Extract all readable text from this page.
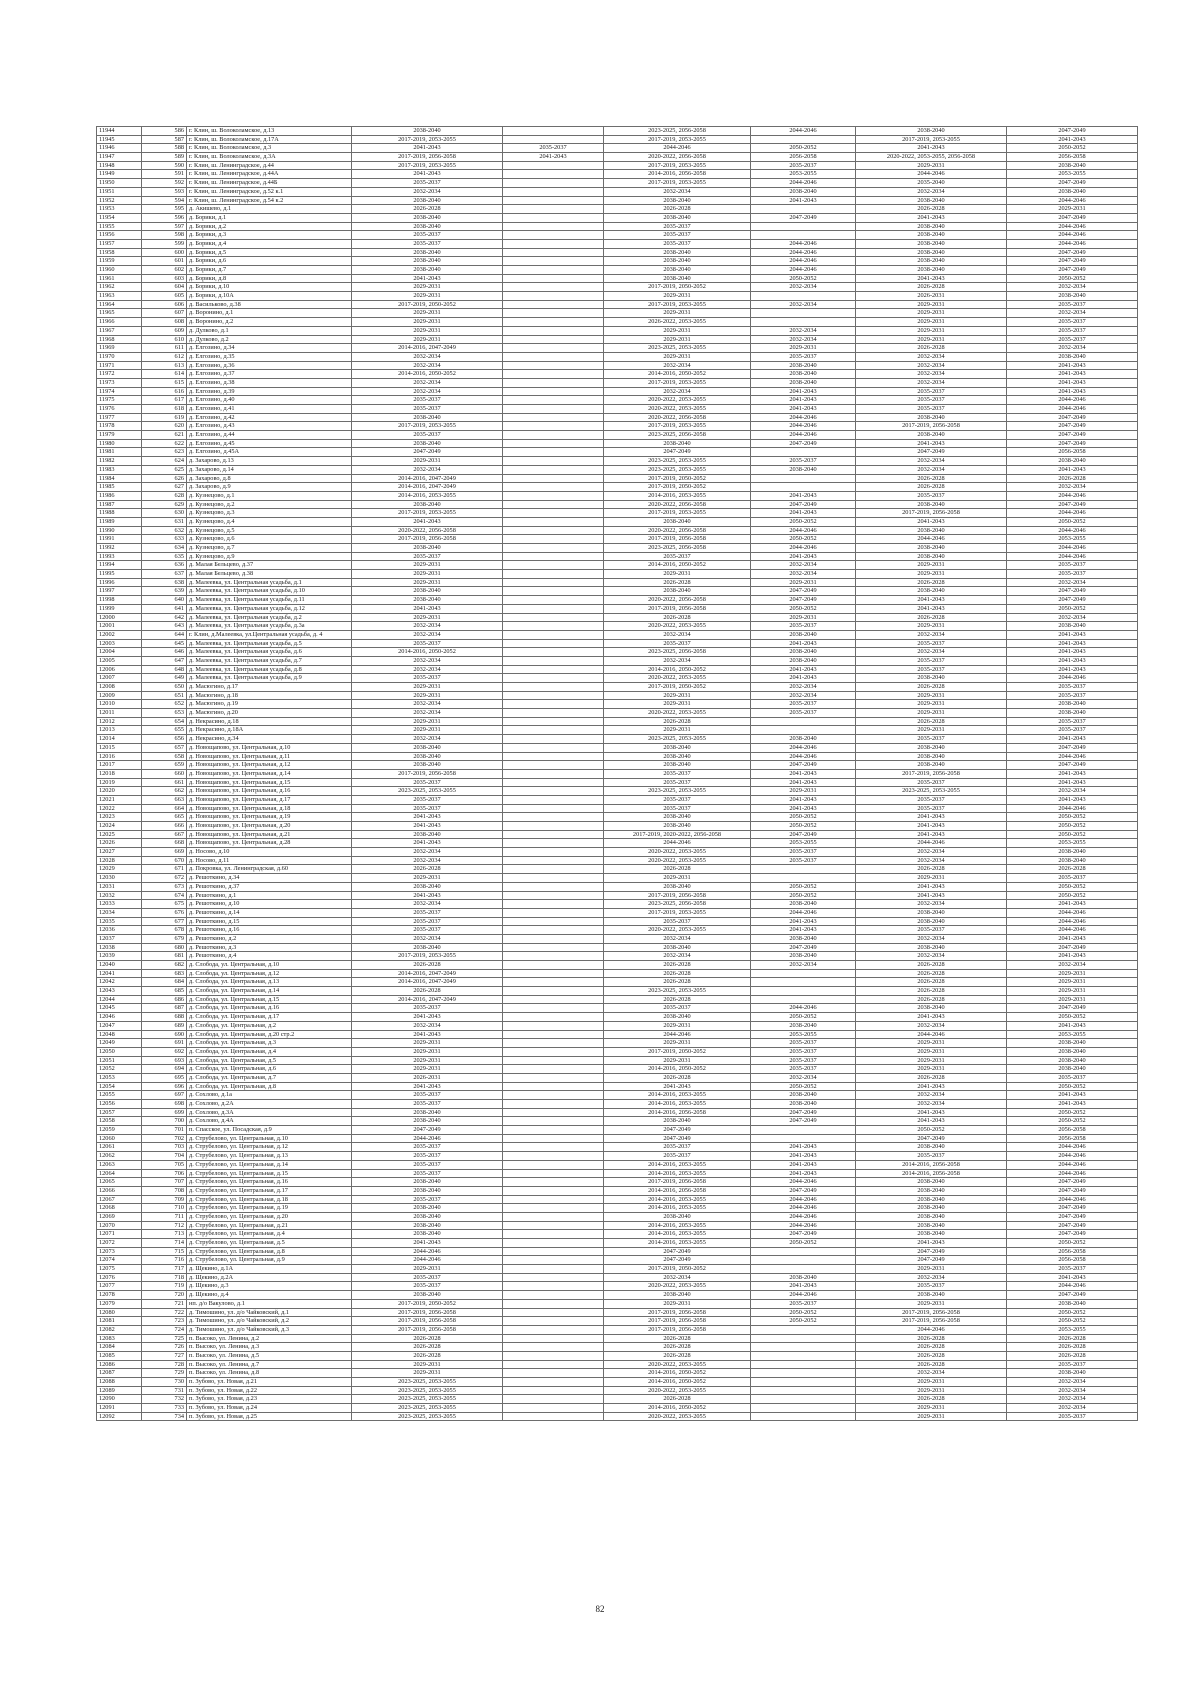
11944	586	г. Клин, ш. Волоколамское, д.13	2038-2040		2023-2025, 2056-2058	2044-2046	2038-2040	2047-2049
11945	587	г. Клин, ш. Волоколамское, д.17А	2017-2019, 2053-2055		2017-2019, 2053-2055		2017-2019, 2053-2055	2041-2043
11946	588	г. Клин, ш. Волоколамское, д.3	2041-2043	2035-2037	2044-2046	2050-2052	2041-2043	2050-2052
11947	589	г. Клин, ш. Волоколамское, д.3А	2017-2019, 2056-2058	2041-2043	2020-2022, 2056-2058	2056-2058	2020-2022, 2053-2055, 2056-2058	2056-2058
11948	590	г. Клин, ш. Ленинградское, д.44	2017-2019, 2053-2055		2017-2019, 2053-2055	2035-2037	2029-2031	2038-2040
11949	591	г. Клин, ш. Ленинградское, д.44А	2041-2043		2014-2016, 2056-2058	2053-2055	2044-2046	2053-2055
11950	592	г. Клин, ш. Ленинградское, д.44Б	2035-2037		2017-2019, 2053-2055	2044-2046	2035-2040	2047-2049
11951	593	г. Клин, ш. Ленинградское, д.52 к.1	2032-2034		2032-2034	2038-2040	2032-2034	2038-2040
11952	594	г. Клин, ш. Ленинградское, д.54 к.2	2038-2040		2038-2040	2041-2043	2038-2040	2044-2046
11953	595	д. Акишево, д.1	2026-2028		2026-2028		2026-2028	2029-2031
11954	596	д. Борики, д.1	2038-2040		2038-2040	2047-2049	2041-2043	2047-2049
11955	597	д. Борики, д.2	2038-2040		2035-2037		2038-2040	2044-2046
11956	598	д. Борики, д.3	2035-2037		2035-2037		2038-2040	2044-2046
11957	599	д. Борики, д.4	2035-2037		2035-2037	2044-2046	2038-2040	2044-2046
11958	600	д. Борики, д.5	2038-2040		2038-2040	2044-2046	2038-2040	2047-2049
11959	601	д. Борики, д.6	2038-2040		2038-2040	2044-2046	2038-2040	2047-2049
11960	602	д. Борики, д.7	2038-2040		2038-2040	2044-2046	2038-2040	2047-2049
11961	603	д. Борики, д.8	2041-2043		2038-2040	2050-2052	2041-2043	2050-2052
11962	604	д. Борики, д.10	2029-2031		2017-2019, 2050-2052	2032-2034	2026-2028	2032-2034
11963	605	д. Борики, д.10А	2029-2031		2029-2031		2026-2031	2038-2040
11964	606	д. Васильково, д.38	2017-2019, 2050-2052		2017-2019, 2053-2055	2032-2034	2029-2031	2035-2037
11965	607	д. Воронино, д.1	2029-2031		2029-2031		2029-2031	2032-2034
11966	608	д. Воронино, д.2	2029-2031		2026-2022, 2053-2055		2029-2031	2035-2037
11967	609	д. Дулково, д.1	2029-2031		2029-2031	2032-2034	2029-2031	2035-2037
11968	610	д. Дулково, д.2	2029-2031		2029-2031	2032-2034	2029-2031	2035-2037
11969	611	д. Елгозино, д.34	2014-2016, 2047-2049		2023-2025, 2053-2055	2029-2031	2026-2028	2032-2034
11970	612	д. Елгозино, д.35	2032-2034		2029-2031	2035-2037	2032-2034	2038-2040
11971	613	д. Елгозино, д.36	2032-2034		2032-2034	2038-2040	2032-2034	2041-2043
11972	614	д. Елгозино, д.37	2014-2016, 2050-2052		2014-2016, 2050-2052	2038-2040	2032-2034	2041-2043
11973	615	д. Елгозино, д.38	2032-2034		2017-2019, 2053-2055	2038-2040	2032-2034	2041-2043
11974	616	д. Елгозино, д.39	2032-2034		2032-2034	2041-2043	2035-2037	2041-2043
11975	617	д. Елгозино, д.40	2035-2037		2020-2022, 2053-2055	2041-2043	2035-2037	2044-2046
11976	618	д. Елгозино, д.41	2035-2037		2020-2022, 2053-2055	2041-2043	2035-2037	2044-2046
11977	619	д. Елгозино, д.42	2038-2040		2020-2022, 2056-2058	2044-2046	2038-2040	2047-2049
11978	620	д. Елгозино, д.43	2017-2019, 2053-2055		2017-2019, 2053-2055	2044-2046	2017-2019, 2056-2058	2047-2049
11979	621	д. Елгозино, д.44	2035-2037		2023-2025, 2056-2058	2044-2046	2038-2040	2047-2049
11980	622	д. Елгозино, д.45	2038-2040		2038-2040	2047-2049	2041-2043	2047-2049
11981	623	д. Елгозино, д.45А	2047-2049		2047-2049		2047-2049	2056-2058
11982	624	д. Захарово, д.13	2029-2031		2023-2025, 2053-2055	2035-2037	2032-2034	2038-2040
11983	625	д. Захарово, д.14	2032-2034		2023-2025, 2053-2055	2038-2040	2032-2034	2041-2043
11984	626	д. Захарово, д.8	2014-2016, 2047-2049		2017-2019, 2050-2052		2026-2028	2026-2028
11985	627	д. Захарово, д.9	2014-2016, 2047-2049		2017-2019, 2050-2052		2026-2028	2032-2034
11986	628	д. Кузнецово, д.1	2014-2016, 2053-2055		2014-2016, 2053-2055	2041-2043	2035-2037	2044-2046
11987	629	д. Кузнецово, д.2	2038-2040		2020-2022, 2056-2058	2047-2049	2038-2040	2047-2049
11988	630	д. Кузнецово, д.3	2017-2019, 2053-2055		2017-2019, 2053-2055	2041-2043	2017-2019, 2056-2058	2044-2046
11989	631	д. Кузнецово, д.4	2041-2043		2038-2040	2050-2052	2041-2043	2050-2052
11990	632	д. Кузнецово, д.5	2020-2022, 2056-2058		2020-2022, 2056-2058	2044-2046	2038-2040	2044-2046
11991	633	д. Кузнецово, д.6	2017-2019, 2056-2058		2017-2019, 2056-2058	2050-2052	2044-2046	2053-2055
11992	634	д. Кузнецово, д.7	2038-2040		2023-2025, 2056-2058	2044-2046	2038-2040	2044-2046
11993	635	д. Кузнецово, д.9	2035-2037		2035-2037	2041-2043	2038-2040	2044-2046
11994	636	д. Малая Бельцево, д.37	2029-2031		2014-2016, 2050-2052	2032-2034	2029-2031	2035-2037
11995	637	д. Малая Бельцево, д.38	2029-2031		2029-2031	2032-2034	2029-2031	2035-2037
11996	638	д. Малеевка, ул. Центральная усадьба, д.1	2029-2031		2026-2028	2029-2031	2026-2028	2032-2034
11997	639	д. Малеевка, ул. Центральная усадьба, д.10	2038-2040		2038-2040	2047-2049	2038-2040	2047-2049
11998	640	д. Малеевка, ул. Центральная усадьба, д.11	2038-2040		2020-2022, 2056-2058	2047-2049	2041-2043	2047-2049
11999	641	д. Малеевка, ул. Центральная усадьба, д.12	2041-2043		2017-2019, 2056-2058	2050-2052	2041-2043	2050-2052
12000	642	д. Малеевка, ул. Центральная усадьба, д.2	2029-2031		2026-2028	2029-2031	2026-2028	2032-2034
12001	643	д. Малеевка, ул. Центральная усадьба, д.3а	2032-2034		2020-2022, 2053-2055	2035-2037	2029-2031	2038-2040
12002	644	г. Клин, д.Малеевка, ул.Центральная усадьба, д. 4	2032-2034		2032-2034	2038-2040	2032-2034	2041-2043
12003	645	д. Малеевка, ул. Центральная усадьба, д.5	2035-2037		2035-2037	2041-2043	2035-2037	2041-2043
12004	646	д. Малеевка, ул. Центральная усадьба, д.6	2014-2016, 2050-2052		2023-2025, 2056-2058	2038-2040	2032-2034	2041-2043
12005	647	д. Малеевка, ул. Центральная усадьба, д.7	2032-2034		2032-2034	2038-2040	2035-2037	2041-2043
12006	648	д. Малеевка, ул. Центральная усадьба, д.8	2032-2034		2014-2016, 2050-2052	2041-2043	2035-2037	2041-2043
12007	649	д. Малеевка, ул. Центральная усадьба, д.9	2035-2037		2020-2022, 2053-2055	2041-2043	2038-2040	2044-2046
12008	650	д. Масюгино, д.17	2029-2031		2017-2019, 2050-2052	2032-2034	2026-2028	2035-2037
12009	651	д. Масюгино, д.18	2029-2031		2029-2031	2032-2034	2029-2031	2035-2037
12010	652	д. Масюгино, д.19	2032-2034		2029-2031	2035-2037	2029-2031	2038-2040
12011	653	д. Масюгино, д.20	2032-2034		2020-2022, 2053-2055	2035-2037	2029-2031	2038-2040
12012	654	д. Некрасино, д.18	2029-2031		2026-2028		2026-2028	2035-2037
12013	655	д. Некрасино, д.18А	2029-2031		2029-2031		2029-2031	2035-2037
12014	656	д. Некрасино, д.34	2032-2034		2023-2025, 2053-2055	2038-2040	2035-2037	2041-2043
12015	657	д. Новощапово, ул. Центральная, д.10	2038-2040		2038-2040	2044-2046	2038-2040	2047-2049
12016	658	д. Новощапово, ул. Центральная, д.11	2038-2040		2038-2040	2044-2046	2038-2040	2044-2046
12017	659	д. Новощапово, ул. Центральная, д.12	2038-2040		2038-2040	2047-2049	2038-2040	2047-2049
12018	660	д. Новощапово, ул. Центральная, д.14	2017-2019, 2056-2058		2035-2037	2041-2043	2017-2019, 2056-2058	2041-2043
12019	661	д. Новощапово, ул. Центральная, д.15	2035-2037		2035-2037	2041-2043	2035-2037	2041-2043
12020	662	д. Новощапово, ул. Центральная, д.16	2023-2025, 2053-2055		2023-2025, 2053-2055	2029-2031	2023-2025, 2053-2055	2032-2034
12021	663	д. Новощапово, ул. Центральная, д.17	2035-2037		2035-2037	2041-2043	2035-2037	2041-2043
12022	664	д. Новощапово, ул. Центральная, д.18	2035-2037		2035-2037	2041-2043	2035-2037	2044-2046
12023	665	д. Новощапово, ул. Центральная, д.19	2041-2043		2038-2040	2050-2052	2041-2043	2050-2052
12024	666	д. Новощапово, ул. Центральная, д.20	2041-2043		2038-2040	2050-2052	2041-2043	2050-2052
12025	667	д. Новощапово, ул. Центральная, д.21	2038-2040		2017-2019, 2020-2022, 2056-2058	2047-2049	2041-2043	2050-2052
12026	668	д. Новощапово, ул. Центральная, д.28	2041-2043		2044-2046	2053-2055	2044-2046	2053-2055
12027	669	д. Носово, д.10	2032-2034		2020-2022, 2053-2055	2035-2037	2032-2034	2038-2040
12028	670	д. Носово, д.11	2032-2034		2020-2022, 2053-2055	2035-2037	2032-2034	2038-2040
12029	671	д. Покровка, ул. Ленинградская, д.60	2026-2028		2026-2028		2026-2028	2026-2028
12030	672	д. Решоткино, д.34	2029-2031		2029-2031		2029-2031	2035-2037
12031	673	д. Решоткино, д.37	2038-2040		2038-2040	2050-2052	2041-2043	2050-2052
12032	674	д. Решоткино, д.1	2041-2043		2017-2019, 2056-2058	2050-2052	2041-2043	2050-2052
12033	675	д. Решоткино, д.10	2032-2034		2023-2025, 2056-2058	2038-2040	2032-2034	2041-2043
12034	676	д. Решоткино, д.14	2035-2037		2017-2019, 2053-2055	2044-2046	2038-2040	2044-2046
12035	677	д. Решоткино, д.15	2035-2037		2035-2037	2041-2043	2038-2040	2044-2046
12036	678	д. Решоткино, д.16	2035-2037		2020-2022, 2053-2055	2041-2043	2035-2037	2044-2046
12037	679	д. Решоткино, д.2	2032-2034		2032-2034	2038-2040	2032-2034	2041-2043
12038	680	д. Решоткино, д.3	2038-2040		2038-2040	2047-2049	2038-2040	2047-2049
12039	681	д. Решоткино, д.4	2017-2019, 2053-2055		2032-2034	2038-2040	2032-2034	2041-2043
12040	682	д. Слобода, ул. Центральная, д.10	2026-2028		2026-2028	2032-2034	2026-2028	2032-2034
12041	683	д. Слобода, ул. Центральная, д.12	2014-2016, 2047-2049		2026-2028		2026-2028	2029-2031
12042	684	д. Слобода, ул. Центральная, д.13	2014-2016, 2047-2049		2026-2028		2026-2028	2029-2031
12043	685	д. Слобода, ул. Центральная, д.14	2026-2028		2023-2025, 2053-2055		2026-2028	2029-2031
12044	686	д. Слобода, ул. Центральная, д.15	2014-2016, 2047-2049		2026-2028		2026-2028	2029-2031
12045	687	д. Слобода, ул. Центральная, д.16	2035-2037		2035-2037	2044-2046	2038-2040	2047-2049
12046	688	д. Слобода, ул. Центральная, д.17	2041-2043		2038-2040	2050-2052	2041-2043	2050-2052
12047	689	д. Слобода, ул. Центральная, д.2	2032-2034		2029-2031	2038-2040	2032-2034	2041-2043
12048	690	д. Слобода, ул. Центральная, д.20 стр.2	2041-2043		2044-2046	2053-2055	2044-2046	2053-2055
12049	691	д. Слобода, ул. Центральная, д.3	2029-2031		2029-2031	2035-2037	2029-2031	2038-2040
12050	692	д. Слобода, ул. Центральная, д.4	2029-2031		2017-2019, 2050-2052	2035-2037	2029-2031	2038-2040
12051	693	д. Слобода, ул. Центральная, д.5	2029-2031		2029-2031	2035-2037	2029-2031	2038-2040
12052	694	д. Слобода, ул. Центральная, д.6	2029-2031		2014-2016, 2050-2052	2035-2037	2029-2031	2038-2040
12053	695	д. Слобода, ул. Центральная, д.7	2026-2031		2026-2028	2032-2034	2026-2028	2035-2037
12054	696	д. Слобода, ул. Центральная, д.8	2041-2043		2041-2043	2050-2052	2041-2043	2050-2052
12055	697	д. Сохлово, д.1а	2035-2037		2014-2016, 2053-2055	2038-2040	2032-2034	2041-2043
12056	698	д. Сохлово, д.2А	2035-2037		2014-2016, 2053-2055	2038-2040	2032-2034	2041-2043
12057	699	д. Сохлово, д.3А	2038-2040		2014-2016, 2056-2058	2047-2049	2041-2043	2050-2052
12058	700	д. Сохлово, д.4А	2038-2040		2038-2040	2047-2049	2041-2043	2050-2052
12059	701	п. Спасское, ул. Посадская, д.9	2047-2049		2047-2049		2050-2052	2056-2058
12060	702	д. Струбелово, ул. Центральная, д.10	2044-2046		2047-2049		2047-2049	2056-2058
12061	703	д. Струбелово, ул. Центральная, д.12	2035-2037		2035-2037	2041-2043	2038-2040	2044-2046
12062	704	д. Струбелово, ул. Центральная, д.13	2035-2037		2035-2037	2041-2043	2035-2037	2044-2046
12063	705	д. Струбелово, ул. Центральная, д.14	2035-2037		2014-2016, 2053-2055	2041-2043	2014-2016, 2056-2058	2044-2046
12064	706	д. Струбелово, ул. Центральная, д.15	2035-2037		2014-2016, 2053-2055	2041-2043	2014-2016, 2056-2058	2044-2046
12065	707	д. Струбелово, ул. Центральная, д.16	2038-2040		2017-2019, 2056-2058	2044-2046	2038-2040	2047-2049
12066	708	д. Струбелово, ул. Центральная, д.17	2038-2040		2014-2016, 2056-2058	2047-2049	2038-2040	2047-2049
12067	709	д. Струбелово, ул. Центральная, д.18	2035-2037		2014-2016, 2053-2055	2044-2046	2038-2040	2044-2046
12068	710	д. Струбелово, ул. Центральная, д.19	2038-2040		2014-2016, 2053-2055	2044-2046	2038-2040	2047-2049
12069	711	д. Струбелово, ул. Центральная, д.20	2038-2040		2038-2040	2044-2046	2038-2040	2047-2049
12070	712	д. Струбелово, ул. Центральная, д.21	2038-2040		2014-2016, 2053-2055	2044-2046	2038-2040	2047-2049
12071	713	д. Струбелово, ул. Центральная, д.4	2038-2040		2014-2016, 2053-2055	2047-2049	2038-2040	2047-2049
12072	714	д. Струбелово, ул. Центральная, д.5	2041-2043		2014-2016, 2053-2055	2050-2052	2041-2043	2050-2052
12073	715	д. Струбелово, ул. Центральная, д.8	2044-2046		2047-2049		2047-2049	2056-2058
12074	716	д. Струбелово, ул. Центральная, д.9	2044-2046		2047-2049		2047-2049	2056-2058
12075	717	д. Щекино, д.1А	2029-2031		2017-2019, 2050-2052		2029-2031	2035-2037
12076	718	д. Щекино, д.2А	2035-2037		2032-2034	2038-2040	2032-2034	2041-2043
12077	719	д. Щекино, д.3	2035-2037		2020-2022, 2053-2055	2041-2043	2035-2037	2044-2046
12078	720	д. Щекино, д.4	2038-2040		2038-2040	2044-2046	2038-2040	2047-2049
12079	721	нп. д/о Вакулово, д.1	2017-2019, 2050-2052		2029-2031	2035-2037	2029-2031	2038-2040
12080	722	д. Тимошино, ул. д/о Чайковский, д.1	2017-2019, 2056-2058		2017-2019, 2056-2058	2050-2052	2017-2019, 2056-2058	2050-2052
12081	723	д. Тимошино, ул. д/о Чайковский, д.2	2017-2019, 2056-2058		2017-2019, 2056-2058	2050-2052	2017-2019, 2056-2058	2050-2052
12082	724	д. Тимошино, ул. д/о Чайковский, д.3	2017-2019, 2056-2058		2017-2019, 2056-2058		2044-2046	2053-2055
12083	725	п. Высоко, ул. Ленина, д.2	2026-2028		2026-2028		2026-2028	2026-2028
12084	726	п. Высоко, ул. Ленина, д.3	2026-2028		2026-2028		2026-2028	2026-2028
12085	727	п. Высоко, ул. Ленина, д.5	2026-2028		2026-2028		2026-2028	2026-2028
12086	728	п. Высоко, ул. Ленина, д.7	2029-2031		2020-2022, 2053-2055		2026-2028	2035-2037
12087	729	п. Высоко, ул. Ленина, д.8	2029-2031		2014-2016, 2050-2052		2032-2034	2038-2040
12088	730	п. Зубово, ул. Новая, д.21	2023-2025, 2053-2055		2014-2016, 2050-2052		2029-2031	2032-2034
12089	731	п. Зубово, ул. Новая, д.22	2023-2025, 2053-2055		2020-2022, 2053-2055		2029-2031	2032-2034
12090	732	п. Зубово, ул. Новая, д.23	2023-2025, 2053-2055		2026-2028		2026-2028	2032-2034
12091	733	п. Зубово, ул. Новая, д.24	2023-2025, 2053-2055		2014-2016, 2050-2052		2029-2031	2032-2034
12092	734	п. Зубово, ул. Новая, д.25	2023-2025, 2053-2055		2020-2022, 2053-2055		2029-2031	2035-2037
82
